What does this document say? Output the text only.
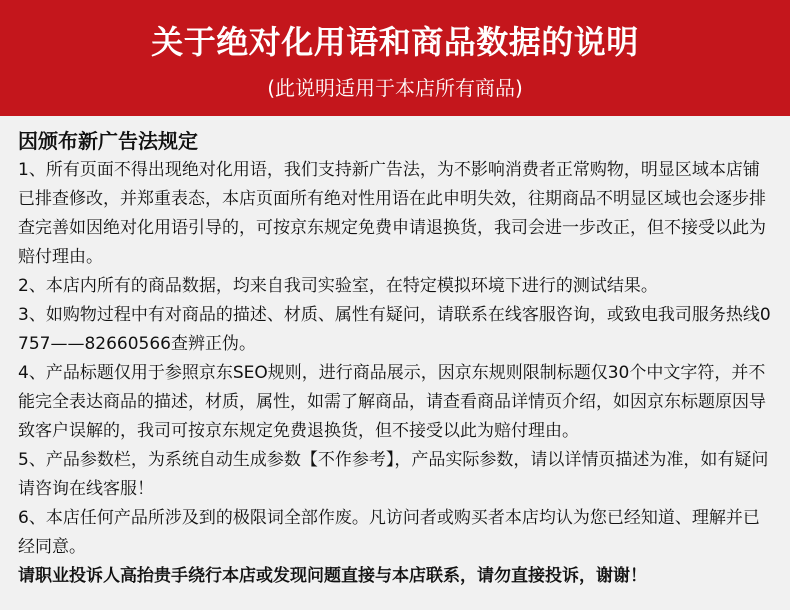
关于绝对化用语和商品数据的说明
(此说明适用于本店所有商品)
因颁布新广告法规定

1、所有页面不得出现绝对化用语，我们支持新广告法，为不影响消费者正常购物，明显区域本店铺已排查修改，并郑重表态，本店页面所有绝对性用语在此申明失效，往期商品不明显区域也会逐步排查完善如因绝对化用语引导的，可按京东规定免费申请退换货，我司会进一步改正，但不接受以此为赔付理由。

2、本店内所有的商品数据，均来自我司实验室，在特定模拟环境下进行的测试结果。

3、如购物过程中有对商品的描述、材质、属性有疑问，请联系在线客服咨询，或致电我司服务热线0757——82660566查辨正伪。

4、产品标题仅用于参照京东SEO规则，进行商品展示，因京东规则限制标题仅30个中文字符，并不能完全表达商品的描述，材质，属性，如需了解商品，请查看商品详情页介绍，如因京东标题原因导致客户误解的，我司可按京东规定免费退换货，但不接受以此为赔付理由。

5、产品参数栏，为系统自动生成参数【不作参考】，产品实际参数，请以详情页描述为准，如有疑问请咨询在线客服！

6、本店任何产品所涉及到的极限词全部作废。凡访问者或购买者本店均认为您已经知道、理解并已经同意。

请职业投诉人高抬贵手绕行本店或发现问题直接与本店联系，请勿直接投诉，谢谢！
